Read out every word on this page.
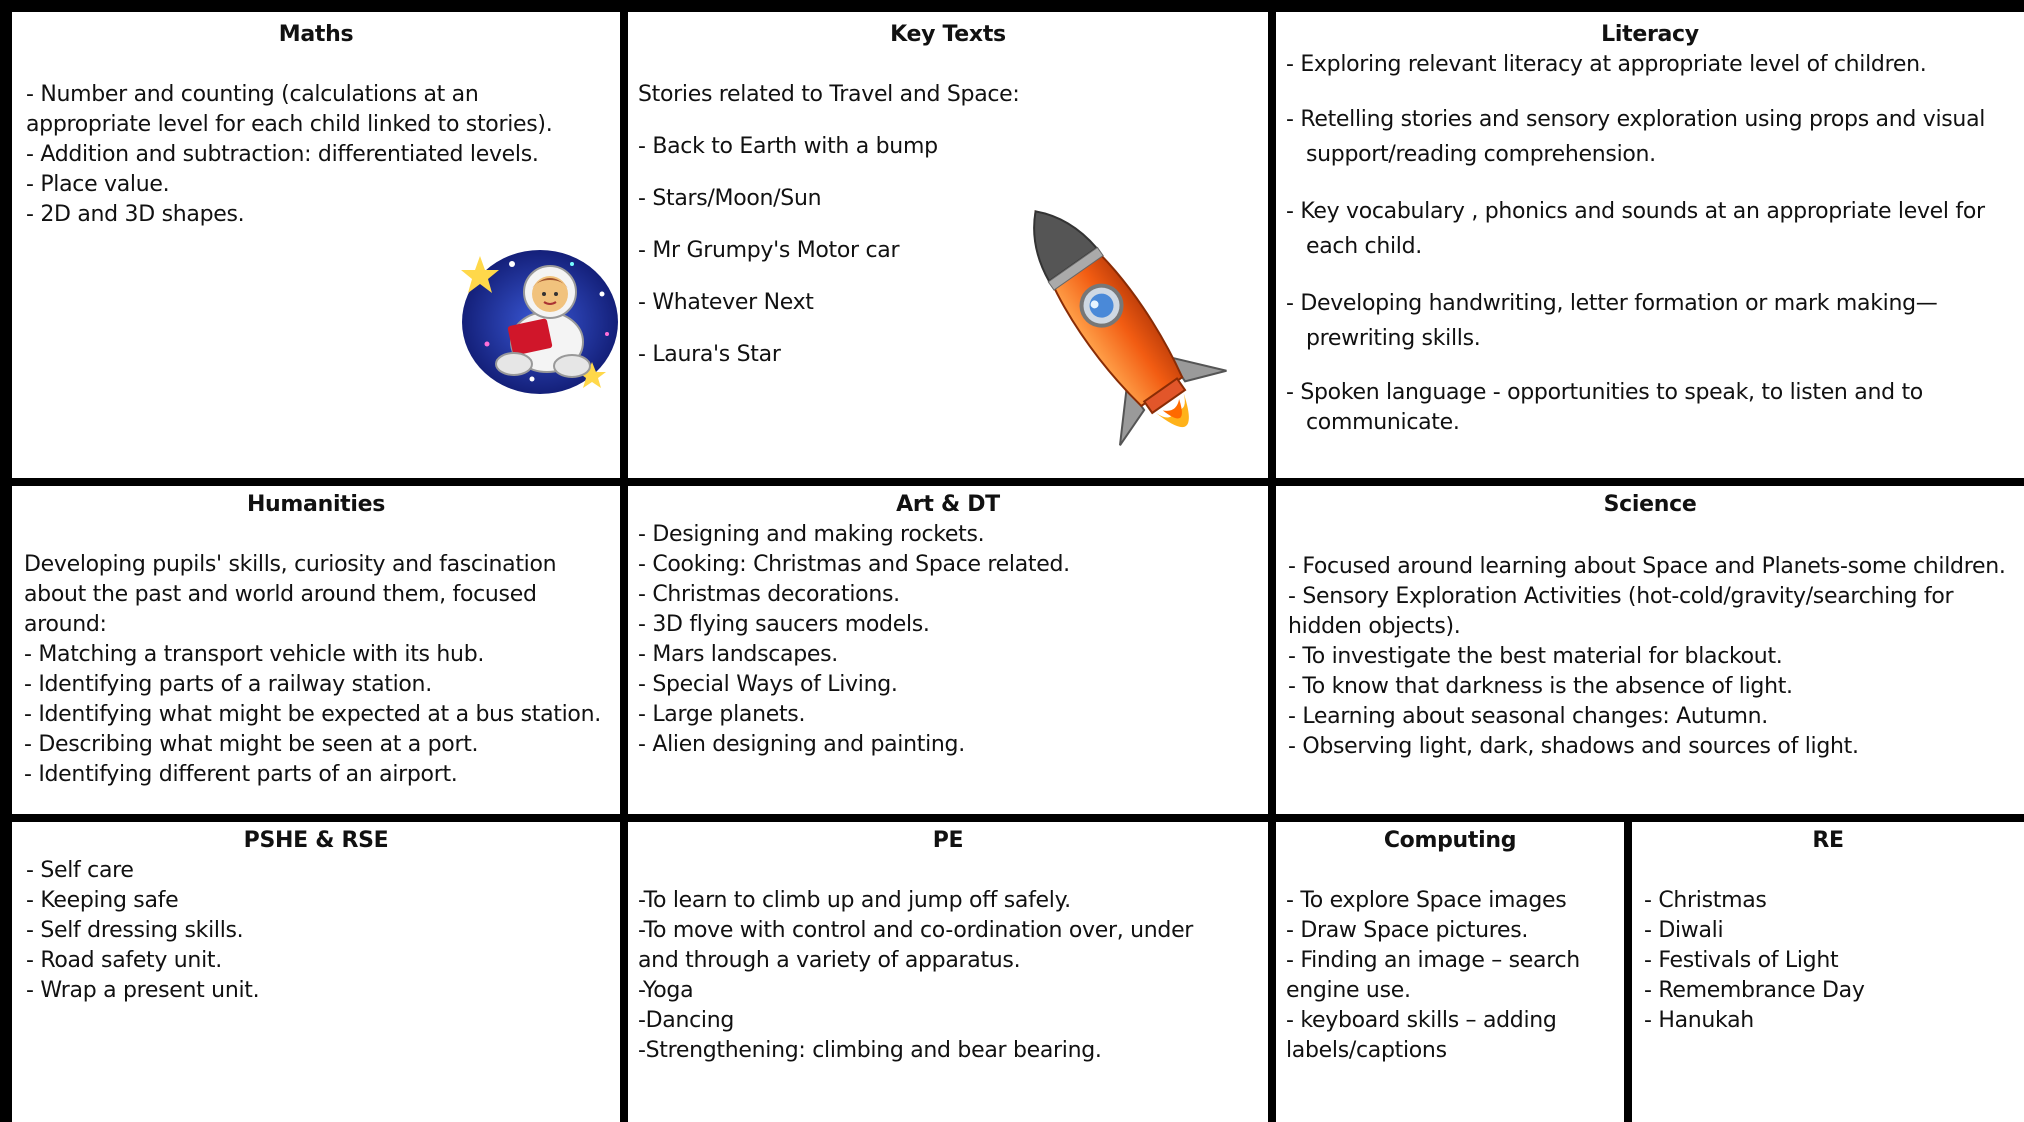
Maths

- Number and counting (calculations at an appropriate level for each child linked to stories).
- Addition and subtraction: differentiated levels.
- Place value.
- 2D and 3D shapes.

Key Texts

Stories related to Travel and Space:

- Back to Earth with a bump
- Stars/Moon/Sun
- Mr Grumpy's Motor car
- Whatever Next
- Laura's Star

Literacy

- Exploring relevant literacy at appropriate level of children.
- Retelling stories and sensory exploration using props and visual support/reading comprehension.
- Key vocabulary , phonics and sounds at an appropriate level for each child.
- Developing handwriting, letter formation or mark making—prewriting skills.
- Spoken language - opportunities to speak, to listen and to communicate.

Humanities

Developing pupils' skills, curiosity and fascination about the past and world around them, focused around:

- Matching a transport vehicle with its hub.
- Identifying parts of a railway station.
- Identifying what might be expected at a bus station.
- Describing what might be seen at a port.
- Identifying different parts of an airport.

Art & DT

- Designing and making rockets.
- Cooking: Christmas and Space related.
- Christmas decorations.
- 3D flying saucers models.
- Mars landscapes.
- Special Ways of Living.
- Large planets.
- Alien designing and painting.

Science

- Focused around learning about Space and Planets-some children.
- Sensory Exploration Activities (hot-cold/gravity/searching for hidden objects).
- To investigate the best material for blackout.
- To know that darkness is the absence of light.
- Learning about seasonal changes: Autumn.
- Observing light, dark, shadows and sources of light.

PSHE & RSE

- Self care
- Keeping safe
- Self dressing skills.
- Road safety unit.
- Wrap a present unit.

PE

-To learn to climb up and jump off safely.
-To move with control and co-ordination over, under and through a variety of apparatus.
-Yoga
-Dancing
-Strengthening: climbing and bear bearing.

Computing

- To explore Space images
- Draw Space pictures.
- Finding an image – search engine use.
- keyboard skills – adding labels/captions

RE

- Christmas
- Diwali
- Festivals of Light
- Remembrance Day
- Hanukah
